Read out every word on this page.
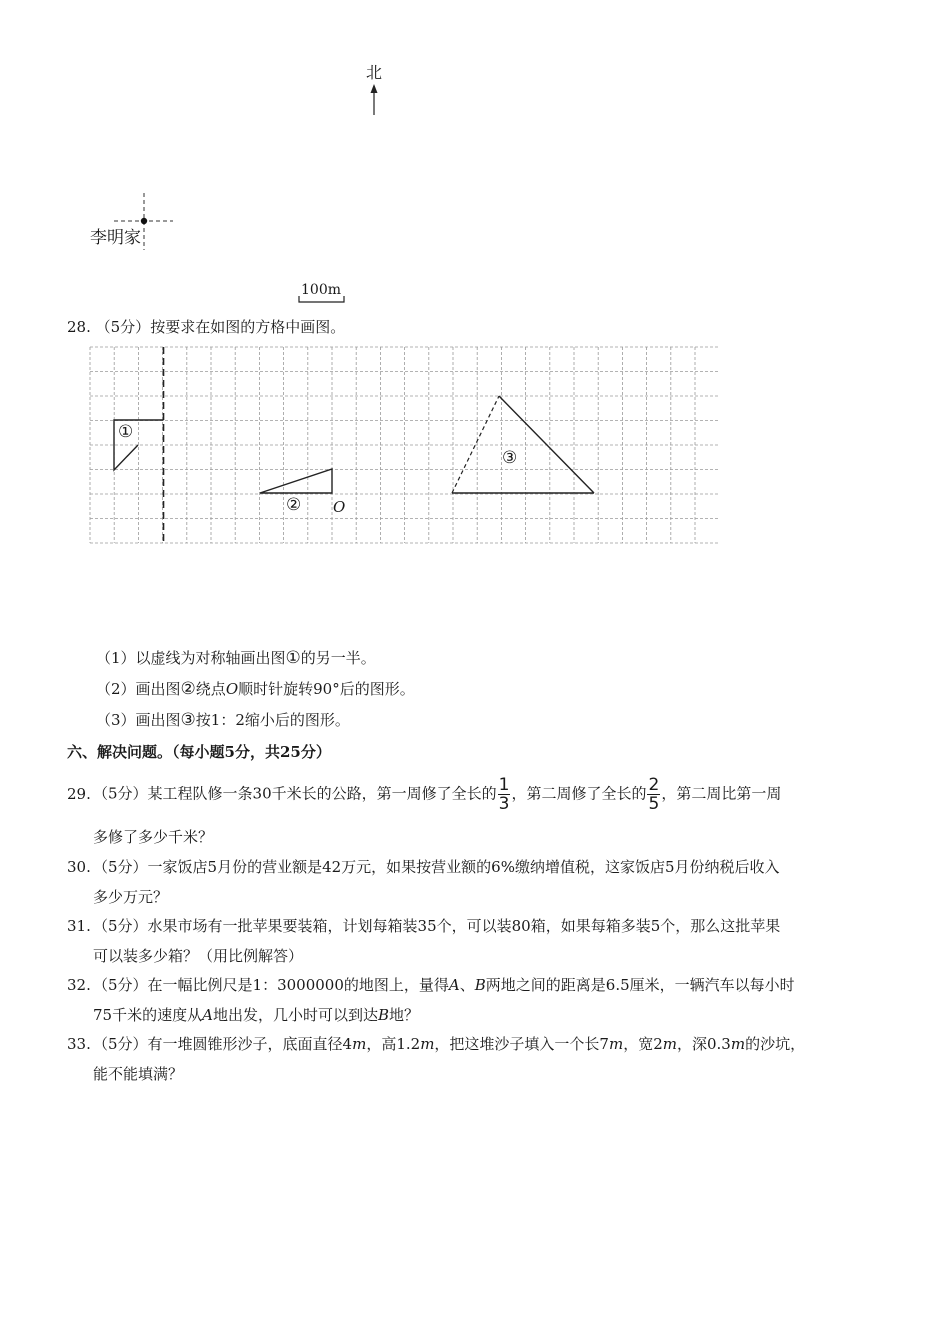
北
李明家
100m
28. （5分）按要求在如图的方格中画图。
①
②
③
O
（1）以虚线为对称轴画出图①的另一半。
（2）画出图②绕点O顺时针旋转90°后的图形。
（3）画出图③按1：2缩小后的图形。
六、解决问题。（每小题5分，共25分）
29. （5分）某工程队修一条30千米长的公路，第一周修了全长的 $\frac{1}{3}$ ，第二周修了全长的 $\frac{2}{5}$ ，第二周比第一周
多修了多少千米？
30. （5分）一家饭店5月份的营业额是42万元，如果按营业额的6%缴纳增值税，这家饭店5月份纳税后收入
多少万元？
31. （5分）水果市场有一批苹果要装箱，计划每箱装35个，可以装80箱，如果每箱多装5个，那么这批苹果
可以装多少箱？（用比例解答）
32. （5分）在一幅比例尺是1：3000000的地图上，量得A、B两地之间的距离是6.5厘米，一辆汽车以每小时
75千米的速度从A地出发，几小时可以到达B地？
33. （5分）有一堆圆锥形沙子，底面直径4m，高1.2m，把这堆沙子填入一个长7m，宽2m，深0.3m的沙坑，
能不能填满？
